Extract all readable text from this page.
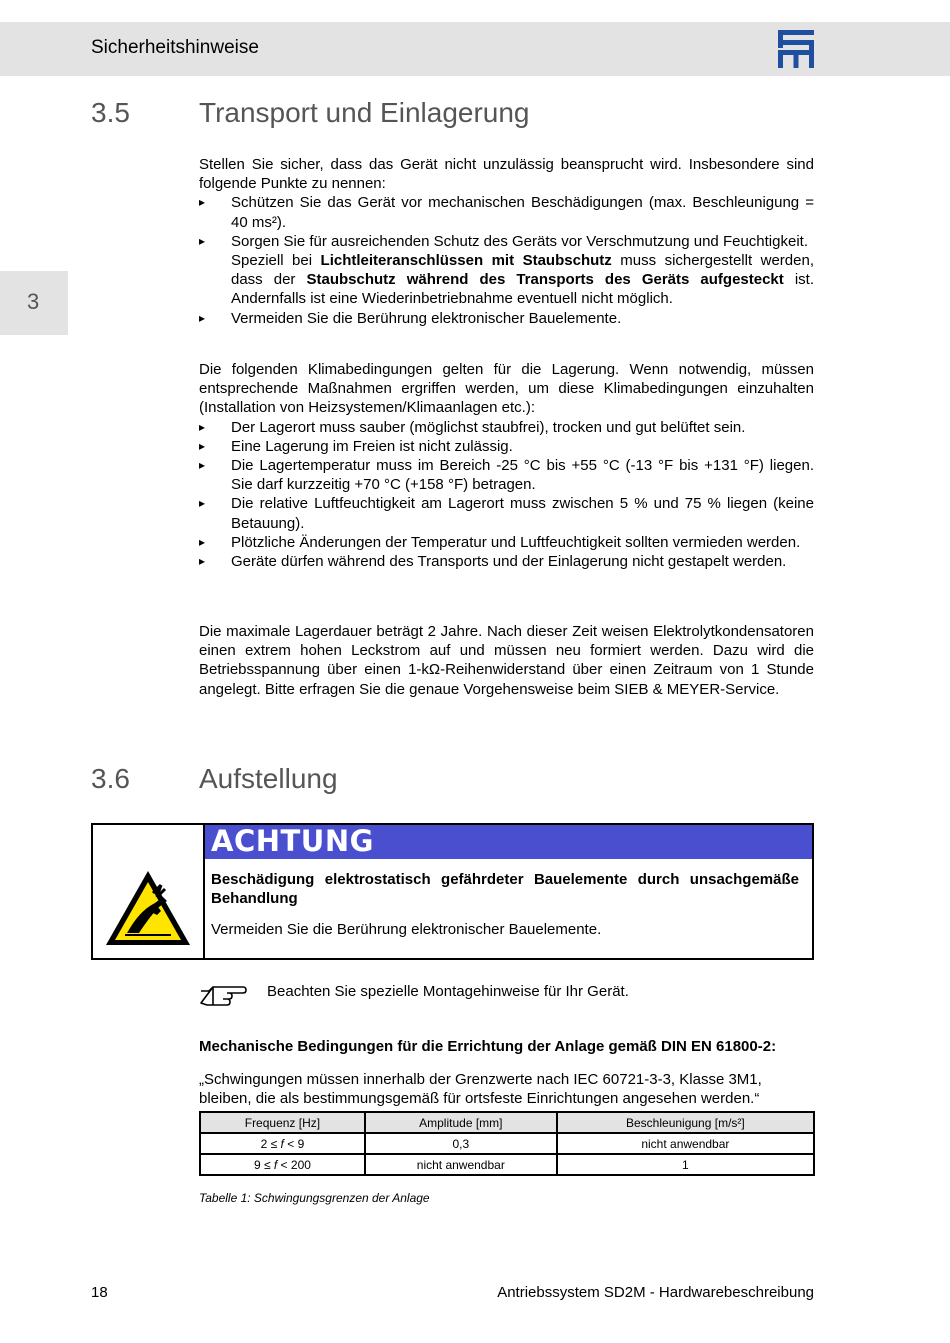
Sicherheitshinweise
3
3.5 Transport und Einlagerung

Stellen Sie sicher, dass das Gerät nicht unzulässig beansprucht wird. Insbesondere sind folgende Punkte zu nennen:

▸ Schützen Sie das Gerät vor mechanischen Beschädigungen (max. Beschleunigung = 40 ms²).
▸ Sorgen Sie für ausreichenden Schutz des Geräts vor Verschmutzung und Feuchtigkeit.
Speziell bei Lichtleiteranschlüssen mit Staubschutz muss sichergestellt werden, dass der Staubschutz während des Transports des Geräts aufgesteckt ist. Andernfalls ist eine Wiederinbetriebnahme eventuell nicht möglich.
▸ Vermeiden Sie die Berührung elektronischer Bauelemente.

Die folgenden Klimabedingungen gelten für die Lagerung. Wenn notwendig, müssen entsprechende Maßnahmen ergriffen werden, um diese Klimabedingungen einzuhalten (Installation von Heizsystemen/Klimaanlagen etc.):

▸ Der Lagerort muss sauber (möglichst staubfrei), trocken und gut belüftet sein.
▸ Eine Lagerung im Freien ist nicht zulässig.
▸ Die Lagertemperatur muss im Bereich -25 °C bis +55 °C (-13 °F bis +131 °F) liegen. Sie darf kurzzeitig +70 °C (+158 °F) betragen.
▸ Die relative Luftfeuchtigkeit am Lagerort muss zwischen 5 % und 75 % liegen (keine Betauung).
▸ Plötzliche Änderungen der Temperatur und Luftfeuchtigkeit sollten vermieden werden.
▸ Geräte dürfen während des Transports und der Einlagerung nicht gestapelt werden.

Die maximale Lagerdauer beträgt 2 Jahre. Nach dieser Zeit weisen Elektrolytkondensatoren einen extrem hohen Leckstrom auf und müssen neu formiert werden. Dazu wird die Betriebsspannung über einen 1-kΩ-Reihenwiderstand über einen Zeitraum von 1 Stunde angelegt. Bitte erfragen Sie die genaue Vorgehensweise beim SIEB & MEYER-Service.

3.6 Aufstellung
ACHTUNG
Beschädigung elektrostatisch gefährdeter Bauelemente durch unsachgemäße Behandlung
Vermeiden Sie die Berührung elektronischer Bauelemente.
Beachten Sie spezielle Montagehinweise für Ihr Gerät.
Mechanische Bedingungen für die Errichtung der Anlage gemäß DIN EN 61800-2:
„Schwingungen müssen innerhalb der Grenzwerte nach IEC 60721-3-3, Klasse 3M1, bleiben, die als bestimmungsgemäß für ortsfeste Einrichtungen angesehen werden.“
Frequenz [Hz]	Amplitude [mm]	Beschleunigung [m/s²]
2 ≤ f < 9	0,3	nicht anwendbar
9 ≤ f < 200	nicht anwendbar	1
Tabelle 1: Schwingungsgrenzen der Anlage
18	Antriebssystem SD2M - Hardwarebeschreibung
